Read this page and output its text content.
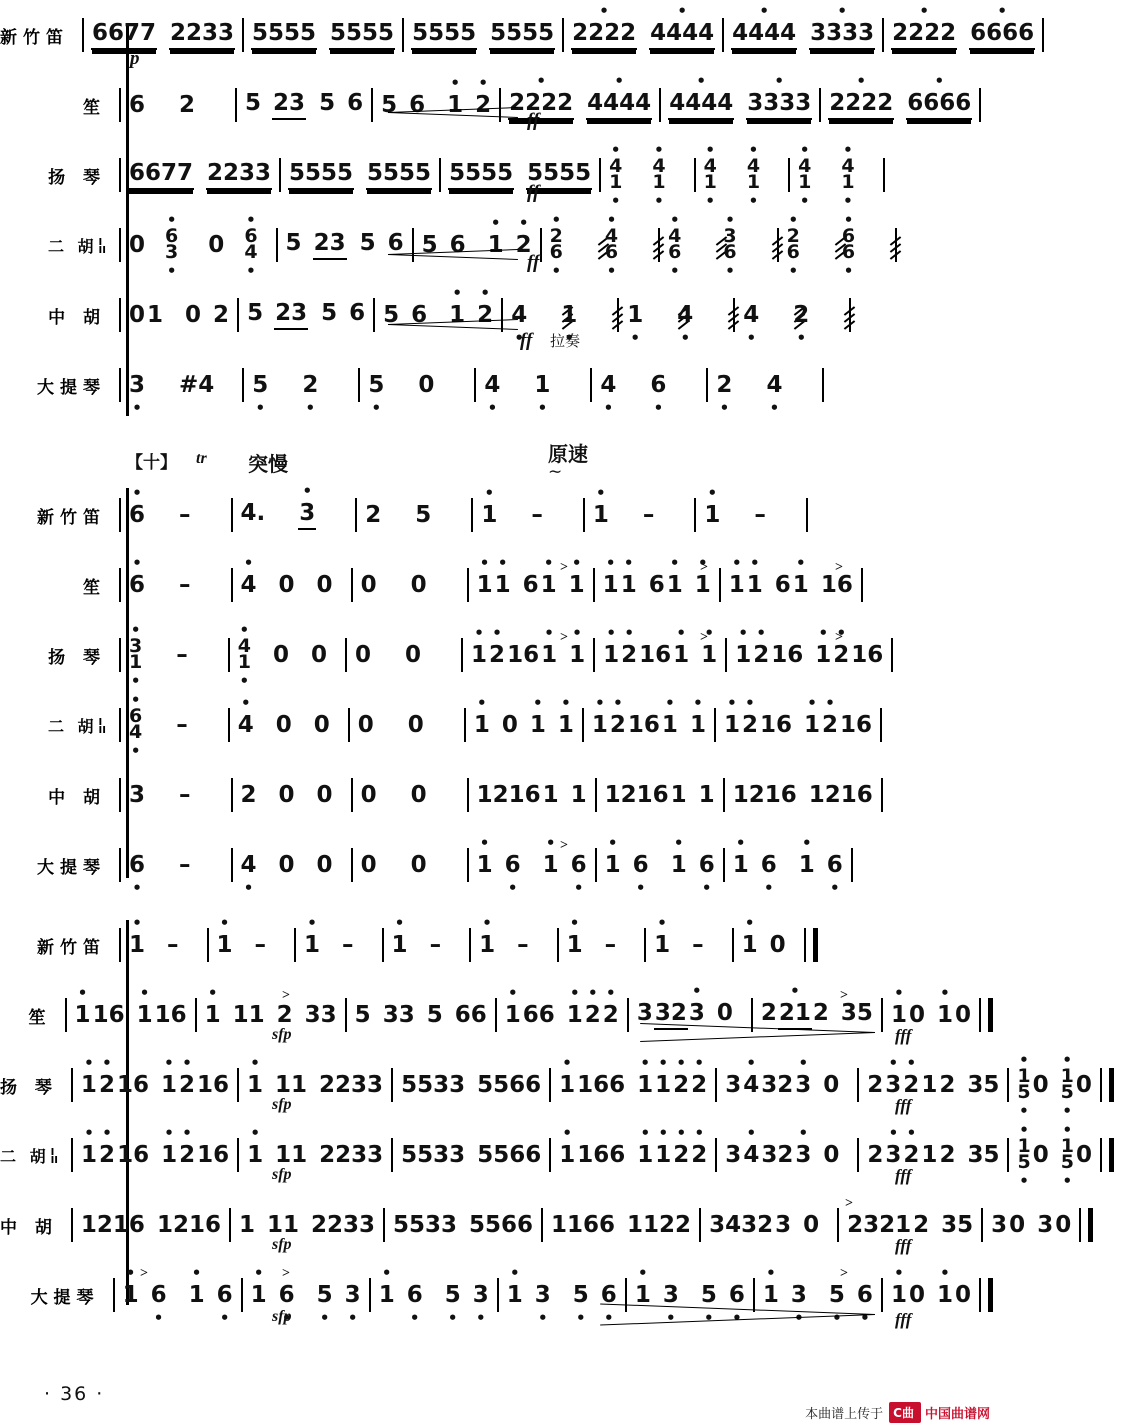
新竹笛 6677 2233 5555 5555 5555 5555 • 2222 • 4444 • 4444 • 3333 • 2222 • 6666
p
笙 6 2	5 23 5 6 5 6 • 1 • 2 • 2222 • 4444 • 4444 • 3333 • 2222 • 6666
ff
扬 琴 6677 2233 5555 5555 5555 5555 • 4
1 •

• 4
1 •
• 4
1 •

• 4
1 •
• 4
1 •

• 4
1 •
ff
二 胡I
II 0 • 6
3 • 0 • 6
4 • 5 23 5 6 5 6 • 1 • 2 • 2
6 •

• 4
6 •
• 4
6 •

• 3
6 •
• 2
6 •

• 6
6 •
ff
中 胡 01 0 2 5 23 5 6 5 6 • 1 • 2 4 • 1 •	1 • 4 •	4 • 2 •
ff 拉奏
大提琴 3 • #4	5 • 2 •	5 • 0	4 • 1 •	4 • 6 •	2 • 4 •
【十】 tr 突慢	原速
∼
新竹笛 • 6 –	4. • 3	2 5	• 1 –	• 1 –	• 1 –
笙 • 6 –	• 4 0 0	0 0	• 1• 1 6• 1 • 1 • 1• 1 6• 1 • 1 • 1• 1 6• 1 16
>	>	>
扬 琴
• 3
1 • –	• 4
1 • 0 0	0 0	• 1• 216• 1 • 1 • 1• 216• 1 • 1 • 1• 216 • 1• 216
>	>	>
二 胡I
II
• 6
4 • –	• 4 0 0	0 0	• 1 0 • 1 • 1 • 1• 216• 1 • 1 • 1• 216 • 1• 216
中 胡 3 –	2 0 0	0 0	12161 1 12161 1 1216 1216
大提琴 6 • –	4 • 0 0	0 0	• 1 6 • • 1 6 • • 1 6 • • 1 6 • • 1 6 • • 1 6 •
>
新竹笛 • 1 –	• 1 –	• 1 –	• 1 –	• 1 –	• 1 –	• 1 –	• 1 0
笙 • 116 • 116 • 1 11 2 33 5 33 5 66 • 166 • 1• 2• 2 332• 3 0	2• 212 35 • 10 • 10
>	>
sfp	fff
扬 琴 • 1• 216 • 1• 216 • 1 11 2233 5533 5566 • 1166 • 1• 1• 2• 2 3• 432• 3 0	2• 3• 212 35 • 1
5 • 0 • 1
5 • 0
sfp	fff
二 胡I
II • 1• 216 • 1• 216 • 1 11 2233 5533 5566 • 1166 • 1• 1• 2• 2 3• 432• 3 0	2• 3• 212 35 • 1
5 • 0 • 1
5 • 0
sfp	fff
中 胡 1216 1216 1 11 2233 5533 5566 1166 1122 34323 0	23212 35 30 30
sfp	fff
>
大提琴 • 1 6 • • 1 6 • • 1 6 • 5 • 3 • • 1 6 • 5 • 3 • • 1 3 • 5 • 6 • • 1 3 • 5 • 6 • • 1 3 • 5 • 6 • • 10 • 10
>	>	>
sfp	fff
· 36 ·
本曲谱上传于 C曲 中国曲谱网
